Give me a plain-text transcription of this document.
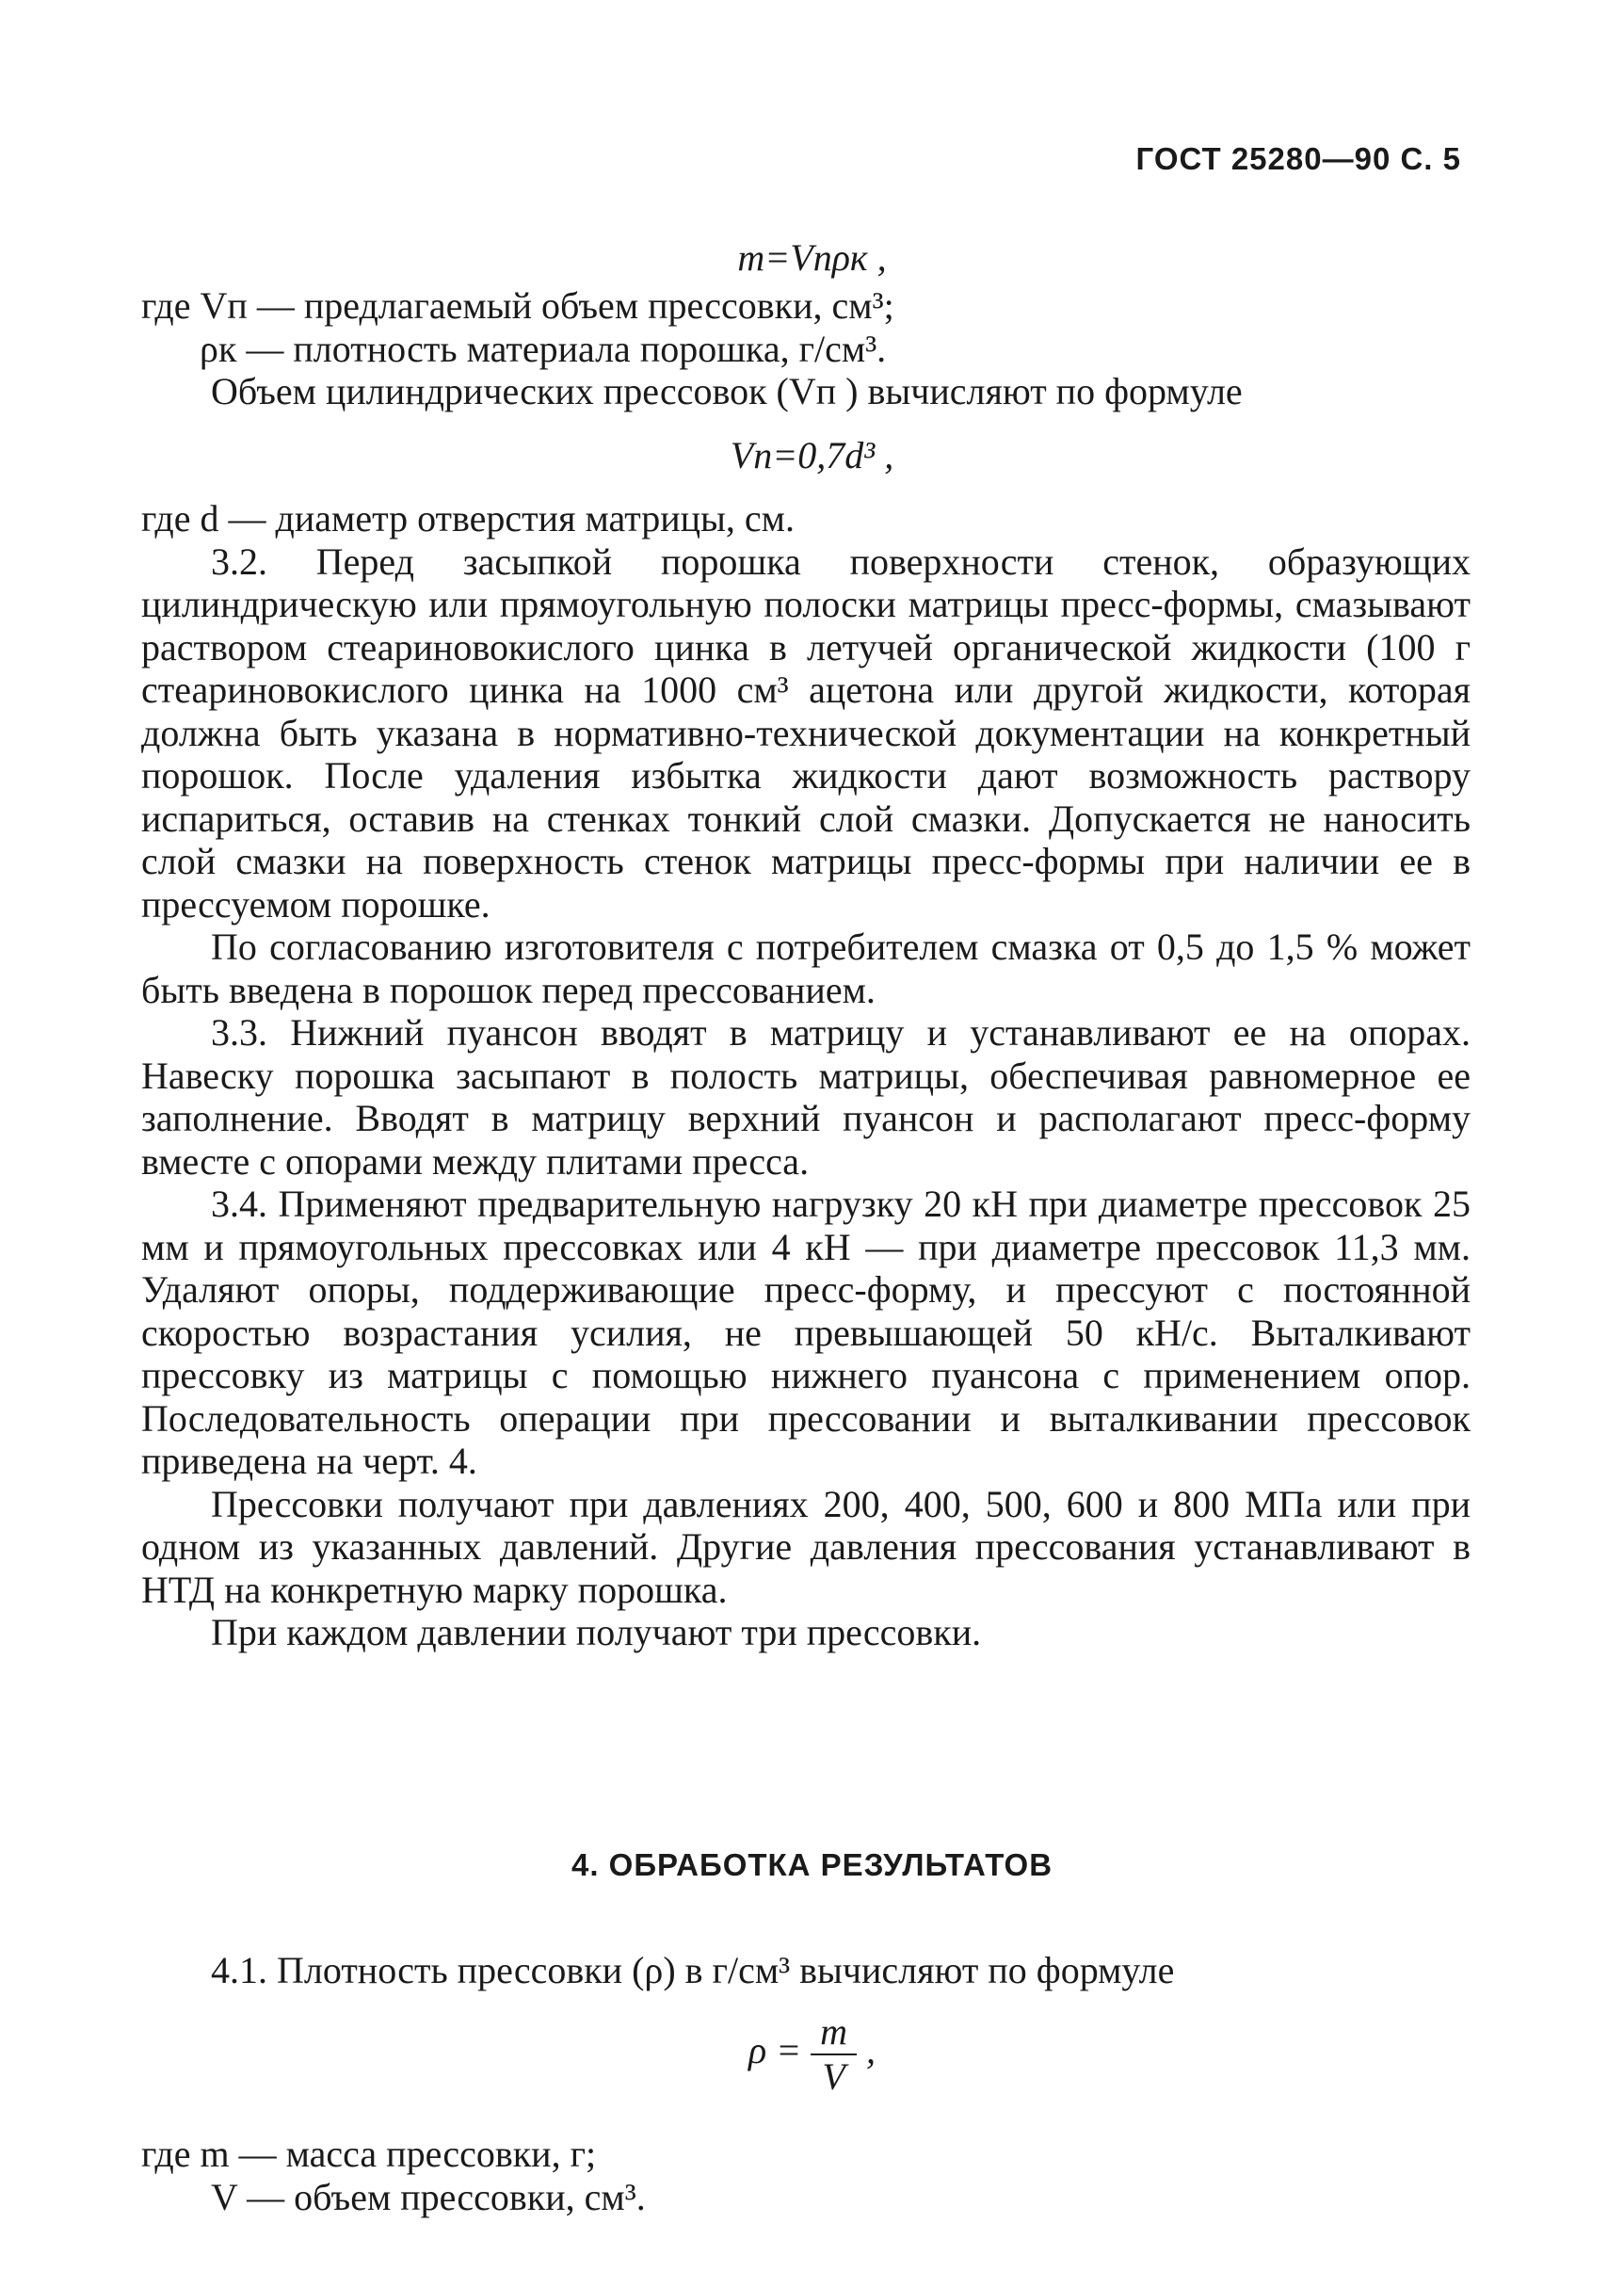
ГОСТ 25280—90 С. 5
m=Vпρк ,
где Vп — предлагаемый объем прессовки, см³;
ρк — плотность материала порошка, г/см³.
Объем цилиндрических прессовок (Vп ) вычисляют по формуле
Vп=0,7d³ ,
где d — диаметр отверстия матрицы, см.

3.2. Перед засыпкой порошка поверхности стенок, образующих цилиндрическую или прямоугольную полоски матрицы пресс-формы, смазывают раствором стеариновокислого цинка в летучей органической жидкости (100 г стеариновокислого цинка на 1000 см³ ацетона или другой жидкости, которая должна быть указана в нормативно-технической документации на конкретный порошок. После удаления избытка жидкости дают возможность раствору испариться, оставив на стенках тонкий слой смазки. Допускается не наносить слой смазки на поверхность стенок матрицы пресс-формы при наличии ее в прессуемом порошке.

По согласованию изготовителя с потребителем смазка от 0,5 до 1,5 % может быть введена в порошок перед прессованием.

3.3. Нижний пуансон вводят в матрицу и устанавливают ее на опорах. Навеску порошка засыпают в полость матрицы, обеспечивая равномерное ее заполнение. Вводят в матрицу верхний пуансон и располагают пресс-форму вместе с опорами между плитами пресса.

3.4. Применяют предварительную нагрузку 20 кН при диаметре прессовок 25 мм и прямоугольных прессовках или 4 кН — при диаметре прессовок 11,3 мм. Удаляют опоры, поддерживающие пресс-форму, и прессуют с постоянной скоростью возрастания усилия, не превышающей 50 кН/с. Выталкивают прессовку из матрицы с помощью нижнего пуансона с применением опор. Последовательность операции при прессовании и выталкивании прессовок приведена на черт. 4.

Прессовки получают при давлениях 200, 400, 500, 600 и 800 МПа или при одном из указанных давлений. Другие давления прессования устанавливают в НТД на конкретную марку порошка.

При каждом давлении получают три прессовки.

4. ОБРАБОТКА РЕЗУЛЬТАТОВ

4.1. Плотность прессовки (ρ) в г/см³ вычисляют по формуле

$\rho = \frac{m}{V}$ ,
где m — масса прессовки, г;
V — объем прессовки, см³.
